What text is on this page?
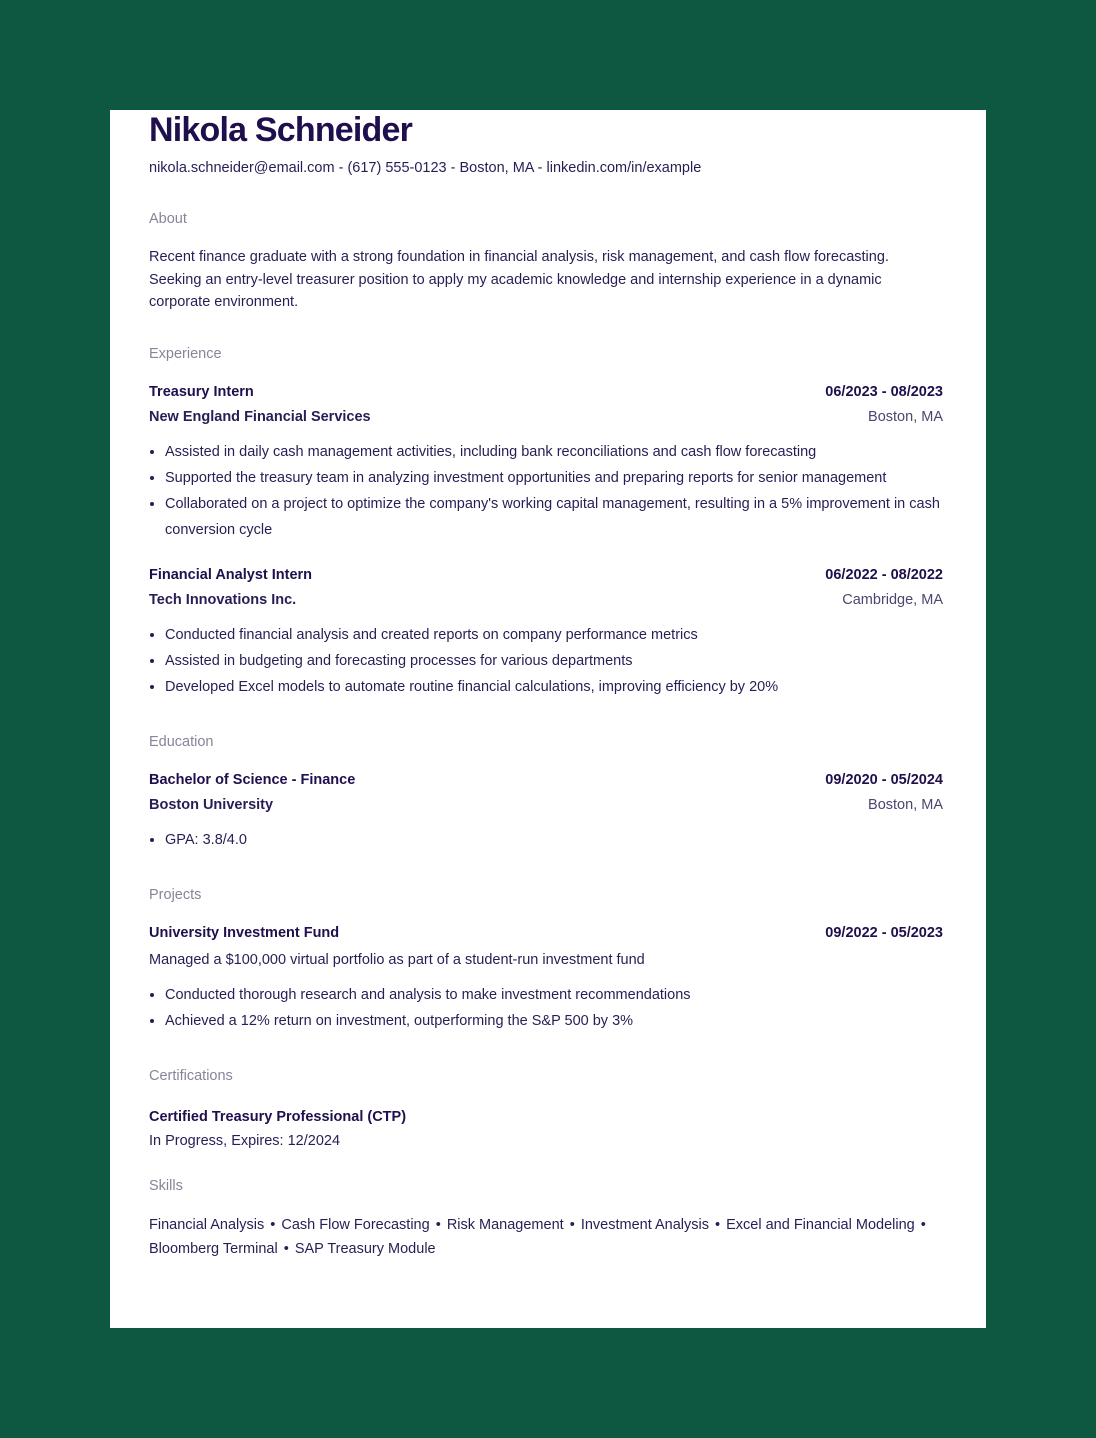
Nikola Schneider
nikola.schneider@email.com - (617) 555-0123 - Boston, MA - linkedin.com/in/example
About
Recent finance graduate with a strong foundation in financial analysis, risk management, and cash flow forecasting. Seeking an entry-level treasurer position to apply my academic knowledge and internship experience in a dynamic corporate environment.
Experience
Treasury Intern	06/2023 - 08/2023
New England Financial Services	Boston, MA
• Assisted in daily cash management activities, including bank reconciliations and cash flow forecasting
• Supported the treasury team in analyzing investment opportunities and preparing reports for senior management
• Collaborated on a project to optimize the company's working capital management, resulting in a 5% improvement in cash conversion cycle
Financial Analyst Intern	06/2022 - 08/2022
Tech Innovations Inc.	Cambridge, MA
• Conducted financial analysis and created reports on company performance metrics
• Assisted in budgeting and forecasting processes for various departments
• Developed Excel models to automate routine financial calculations, improving efficiency by 20%
Education
Bachelor of Science - Finance	09/2020 - 05/2024
Boston University	Boston, MA
• GPA: 3.8/4.0
Projects
University Investment Fund	09/2022 - 05/2023
Managed a $100,000 virtual portfolio as part of a student-run investment fund
• Conducted thorough research and analysis to make investment recommendations
• Achieved a 12% return on investment, outperforming the S&P 500 by 3%
Certifications
Certified Treasury Professional (CTP)
In Progress, Expires: 12/2024
Skills
Financial Analysis • Cash Flow Forecasting • Risk Management • Investment Analysis • Excel and Financial Modeling • Bloomberg Terminal • SAP Treasury Module
